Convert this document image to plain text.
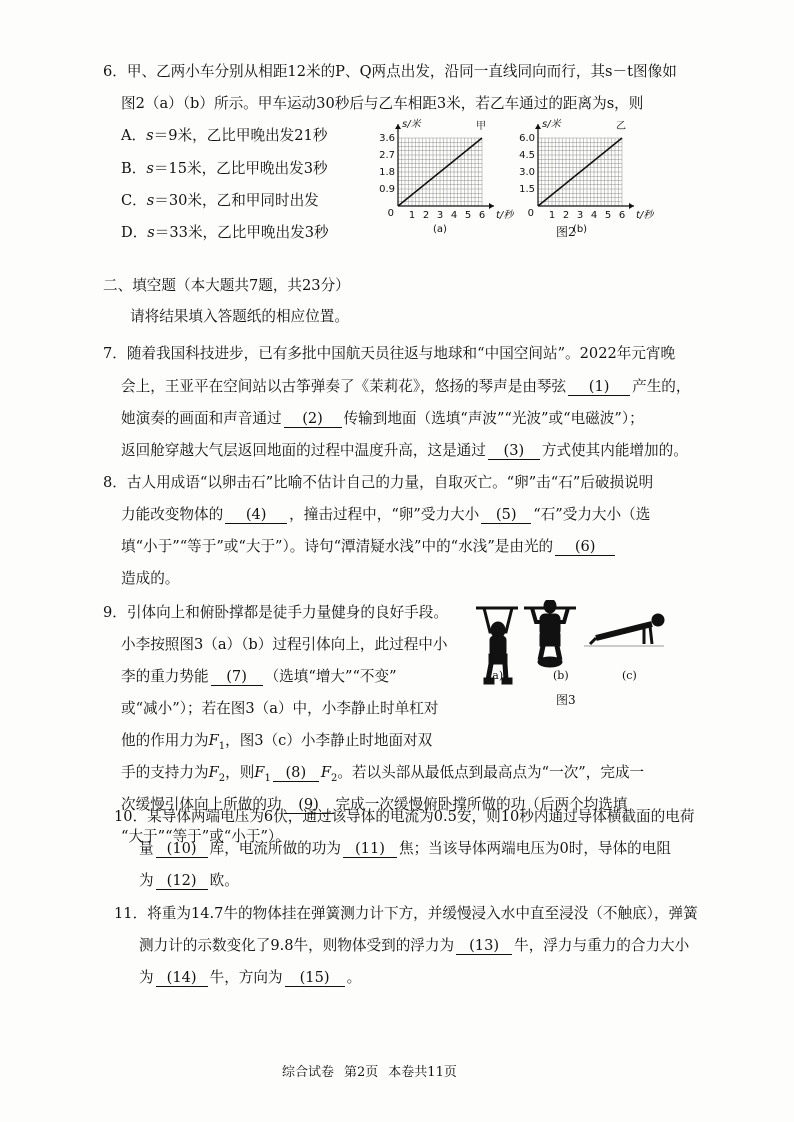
6．甲、乙两小车分别从相距12米的P、Q两点出发，沿同一直线同向而行，其s－t图像如
图2（a）（b）所示。甲车运动30秒后与乙车相距3米，若乙车通过的距离为s，则
A．s＝9米，乙比甲晚出发21秒
B．s＝15米，乙比甲晚出发3秒
C．s＝30米，乙和甲同时出发
D．s＝33米，乙比甲晚出发3秒
1 2 3 4 5 6
0.9
1.8
2.7
3.6
0
s/米
t/秒
甲
(a)
1 2 3 4 5 6
1.5
3.0
4.5
6.0
0
s/米
t/秒
乙
(b)
图2
二、填空题（本大题共7题，共23分）
请将结果填入答题纸的相应位置。
7．随着我国科技进步，已有多批中国航天员往返与地球和“中国空间站”。2022年元宵晚
会上，王亚平在空间站以古筝弹奏了《茉莉花》，悠扬的琴声是由琴弦 (1) 产生的，
她演奏的画面和声音通过 (2) 传输到地面（选填“声波”“光波”或“电磁波”）；
返回舱穿越大气层返回地面的过程中温度升高，这是通过 (3) 方式使其内能增加的。
8．古人用成语“以卵击石”比喻不估计自己的力量，自取灭亡。“卵”击“石”后破损说明
力能改变物体的 (4) ，撞击过程中，“卵”受力大小 (5) “石”受力大小（选
填“小于”“等于”或“大于”）。诗句“潭清疑水浅”中的“水浅”是由光的 (6)
造成的。
9．引体向上和俯卧撑都是徒手力量健身的良好手段。
小李按照图3（a）（b）过程引体向上，此过程中小
李的重力势能 (7) （选填“增大”“不变”
或“减小”）；若在图3（a）中，小李静止时单杠对
他的作用力为$F_1$，图3（c）小李静止时地面对双
手的支持力为$F_2$，则$F_1$ (8) $F_2$。若以头部从最低点到最高点为“一次”，完成一
次缓慢引体向上所做的功 (9) 完成一次缓慢俯卧撑所做的功（后两个均选填
“大于”“等于”或“小于”）。
(a)	(b)	(c)
图3
10．某导体两端电压为6伏，通过该导体的电流为0.5安，则10秒内通过导体横截面的电荷
量 (10) 库，电流所做的功为 (11) 焦；当该导体两端电压为0时，导体的电阻
为 (12) 欧。
11．将重为14.7牛的物体挂在弹簧测力计下方，并缓慢浸入水中直至浸没（不触底），弹簧
测力计的示数变化了9.8牛，则物体受到的浮力为 (13) 牛，浮力与重力的合力大小
为 (14) 牛，方向为 (15) 。
综合试卷 第2页 本卷共11页
